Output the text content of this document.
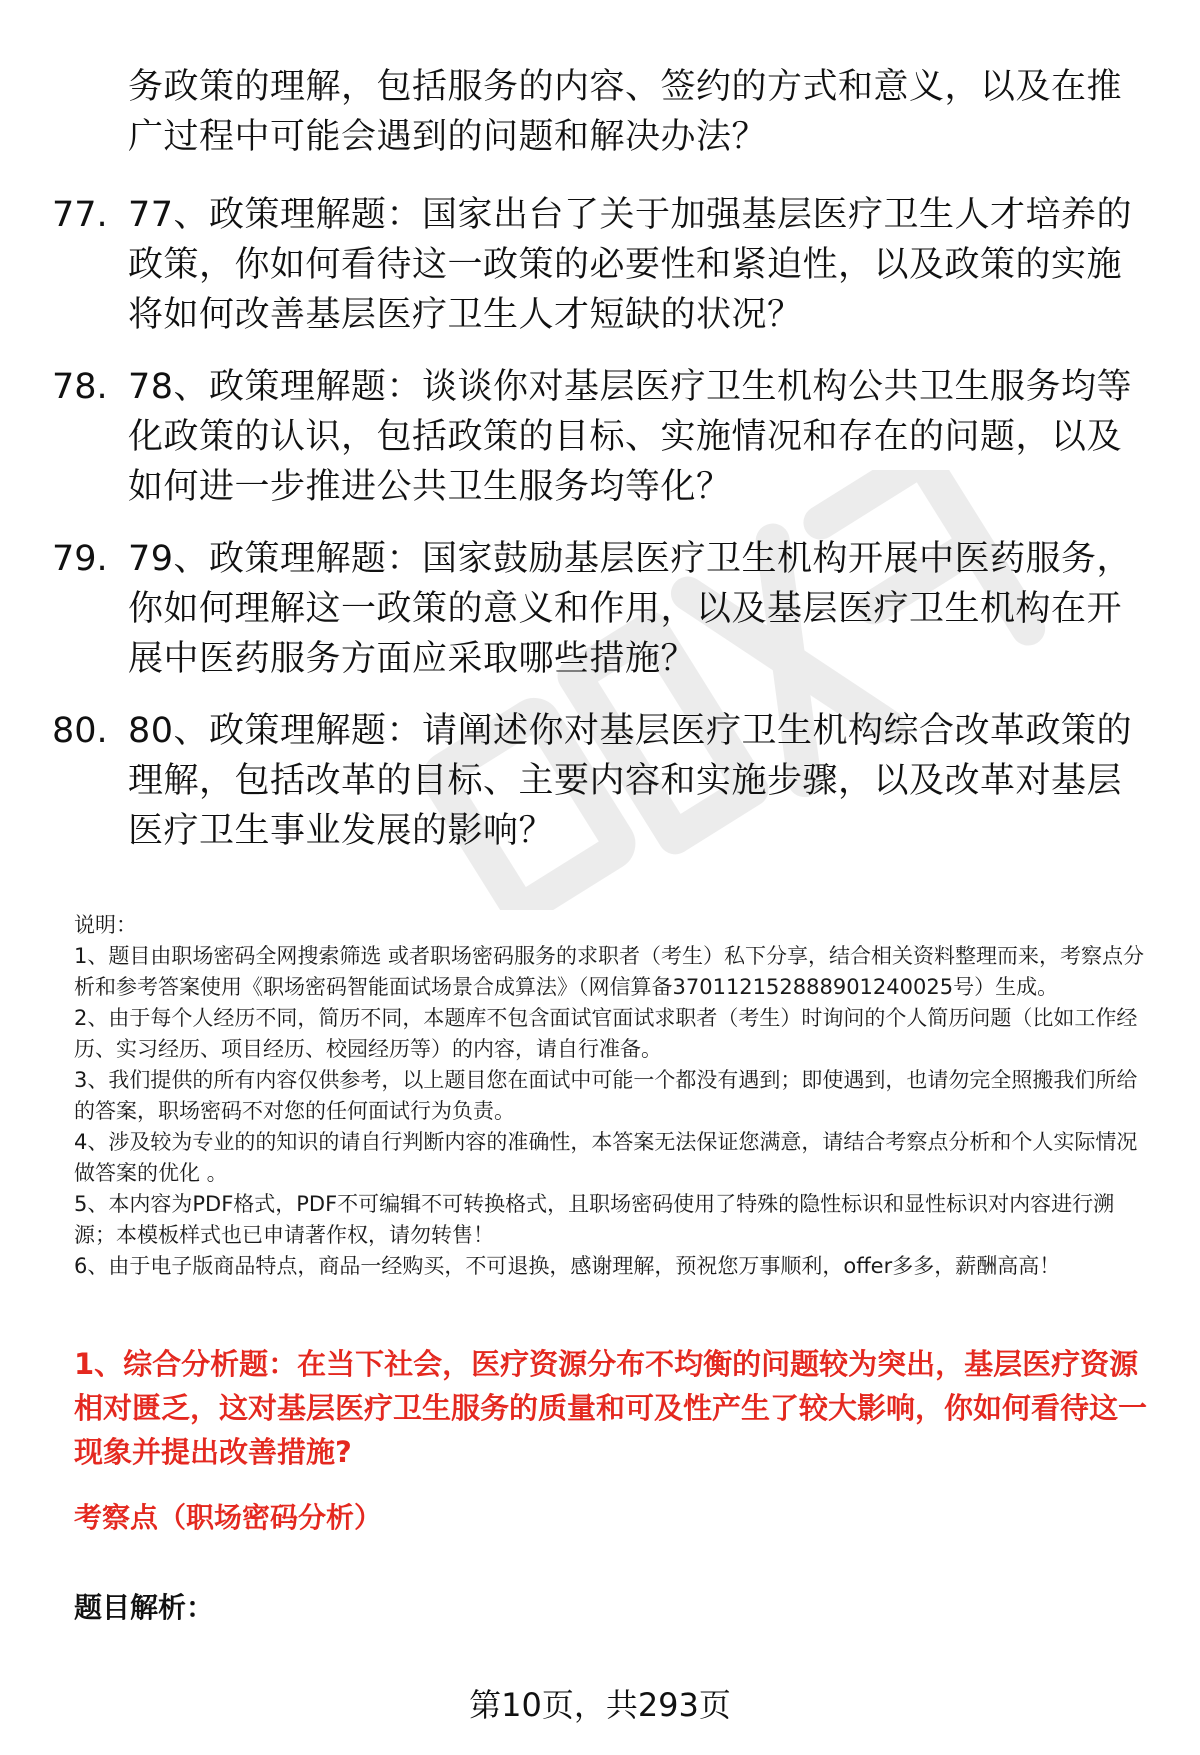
务政策的理解，包括服务的内容、签约的方式和意义，以及在推广过程中可能会遇到的问题和解决办法？
77. 77、政策理解题：国家出台了关于加强基层医疗卫生人才培养的政策，你如何看待这一政策的必要性和紧迫性，以及政策的实施将如何改善基层医疗卫生人才短缺的状况？
78. 78、政策理解题：谈谈你对基层医疗卫生机构公共卫生服务均等化政策的认识，包括政策的目标、实施情况和存在的问题，以及如何进一步推进公共卫生服务均等化？
79. 79、政策理解题：国家鼓励基层医疗卫生机构开展中医药服务，你如何理解这一政策的意义和作用，以及基层医疗卫生机构在开展中医药服务方面应采取哪些措施？
80. 80、政策理解题：请阐述你对基层医疗卫生机构综合改革政策的理解，包括改革的目标、主要内容和实施步骤，以及改革对基层医疗卫生事业发展的影响？

说明：

1、题目由职场密码全网搜索筛选 或者职场密码服务的求职者（考生）私下分享，结合相关资料整理而来，考察点分析和参考答案使用《职场密码智能面试场景合成算法》（网信算备370112152888901240025号）生成。

2、由于每个人经历不同，简历不同，本题库不包含面试官面试求职者（考生）时询问的个人简历问题（比如工作经历、实习经历、项目经历、校园经历等）的内容，请自行准备。

3、我们提供的所有内容仅供参考，以上题目您在面试中可能一个都没有遇到；即使遇到，也请勿完全照搬我们所给的答案，职场密码不对您的任何面试行为负责。

4、涉及较为专业的的知识的请自行判断内容的准确性，本答案无法保证您满意，请结合考察点分析和个人实际情况做答案的优化 。

5、本内容为PDF格式，PDF不可编辑不可转换格式，且职场密码使用了特殊的隐性标识和显性标识对内容进行溯源；本模板样式也已申请著作权，请勿转售！

6、由于电子版商品特点，商品一经购买，不可退换，感谢理解，预祝您万事顺利，offer多多，薪酬高高！

1、综合分析题：在当下社会，医疗资源分布不均衡的问题较为突出，基层医疗资源相对匮乏，这对基层医疗卫生服务的质量和可及性产生了较大影响，你如何看待这一现象并提出改善措施?
考察点（职场密码分析）
题目解析：
第10页，共293页
